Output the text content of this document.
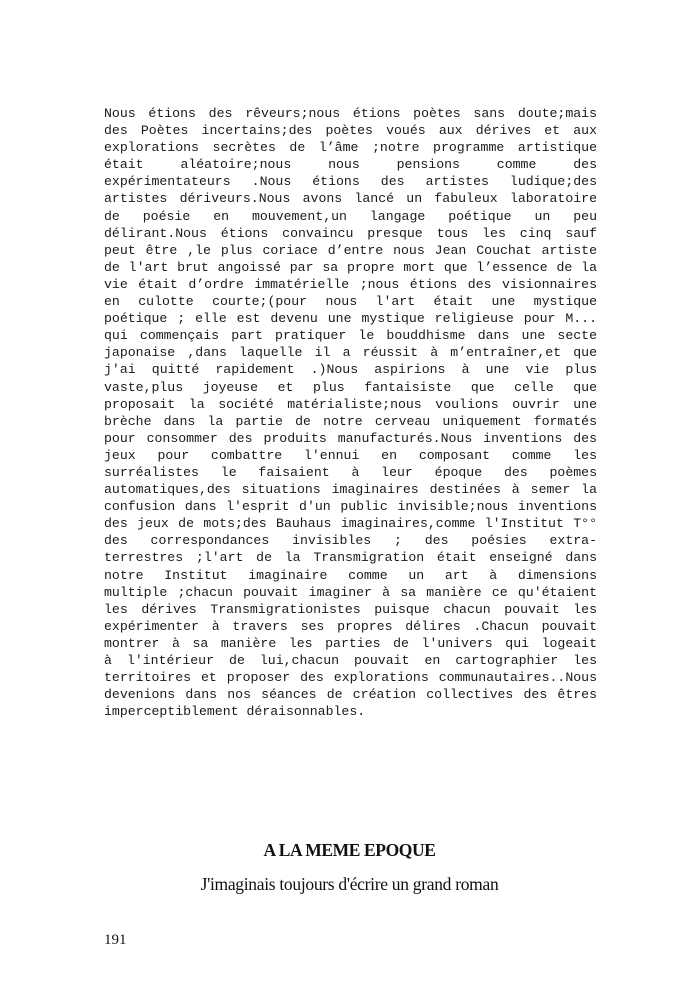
Nous étions des rêveurs;nous étions poètes sans doute;mais
des Poètes incertains;des poètes voués aux dérives et aux
explorations secrètes de l’âme ;notre programme artistique
était aléatoire;nous nous pensions comme des
expérimentateurs .Nous étions des artistes ludique;des
artistes dériveurs.Nous avons lancé un fabuleux laboratoire
de poésie en mouvement,un langage poétique un peu
délirant.Nous étions convaincu presque tous les cinq sauf
peut être ,le plus coriace d’entre nous Jean Couchat artiste
de l'art brut angoissé par sa propre mort que l’essence de la
vie était d’ordre immatérielle ;nous étions des visionnaires
en culotte courte;(pour nous l'art était une mystique
poétique ; elle est devenu une mystique religieuse pour M...
qui commençais part pratiquer le bouddhisme dans une secte
japonaise ,dans laquelle il a réussit à m’entraîner,et que
j'ai quitté rapidement .)Nous aspirions à une vie plus
vaste,plus joyeuse et plus fantaisiste que celle que
proposait la société matérialiste;nous voulions ouvrir une
brèche dans la partie de notre cerveau uniquement formatés
pour consommer des produits manufacturés.Nous inventions des
jeux pour combattre l'ennui en composant comme les
surréalistes le faisaient à leur époque des poèmes
automatiques,des situations imaginaires destinées à semer la
confusion dans l'esprit d'un public invisible;nous inventions
des jeux de mots;des Bauhaus imaginaires,comme l'Institut T°°
des correspondances invisibles ; des poésies extra-
terrestres ;l'art de la Transmigration était enseigné dans
notre Institut imaginaire comme un art à dimensions
multiple ;chacun pouvait imaginer à sa manière ce qu'étaient
les dérives Transmigrationistes puisque chacun pouvait les
expérimenter à travers ses propres délires .Chacun pouvait
montrer à sa manière les parties de l'univers qui logeait
à l'intérieur de lui,chacun pouvait en cartographier les
territoires et proposer des explorations communautaires..Nous
devenions dans nos séances de création collectives des êtres
imperceptiblement déraisonnables.
A LA MEME EPOQUE

J'imaginais toujours d'écrire un grand roman

191
